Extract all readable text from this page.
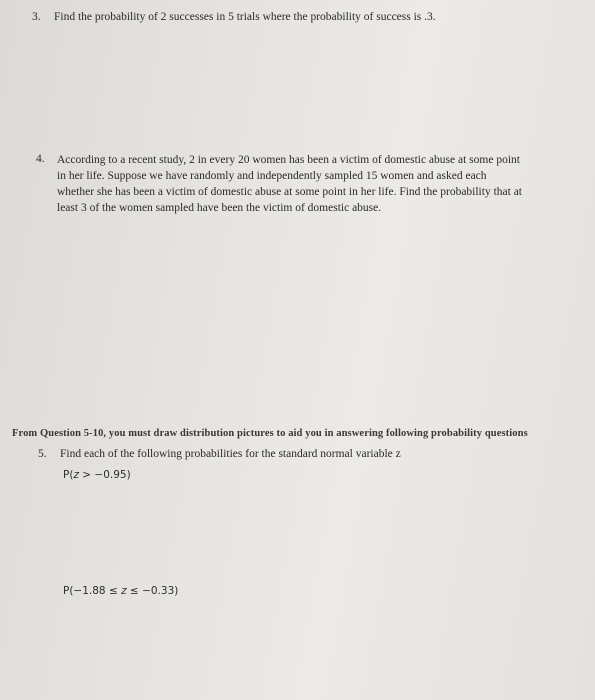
3. Find the probability of 2 successes in 5 trials where the probability of success is .3.
4. According to a recent study, 2 in every 20 women has been a victim of domestic abuse at some point
in her life. Suppose we have randomly and independently sampled 15 women and asked each
whether she has been a victim of domestic abuse at some point in her life. Find the probability that at
least 3 of the women sampled have been the victim of domestic abuse.
From Question 5-10, you must draw distribution pictures to aid you in answering following probability questions
5. Find each of the following probabilities for the standard normal variable z
P(z > −0.95)
P(−1.88 ≤ z ≤ −0.33)
